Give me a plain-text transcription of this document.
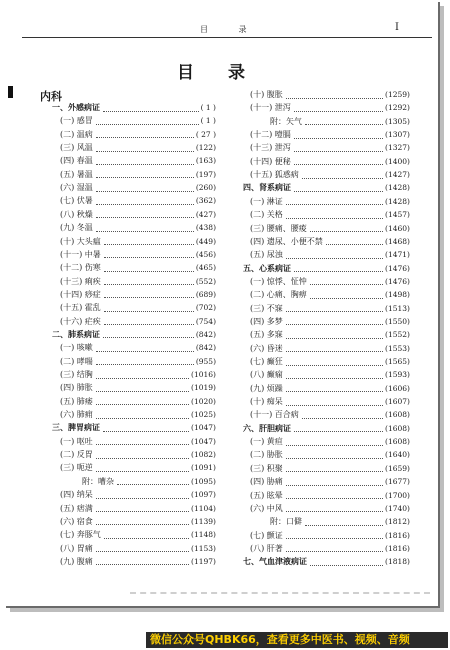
目 录	I
目 录
内科
一、外感病证	( 1 )
(一) 感冒	( 1 )
(二) 温病	( 27 )
(三) 风温	(122)
(四) 春温	(163)
(五) 暑温	(197)
(六) 湿温	(260)
(七) 伏暑	(362)
(八) 秋燥	(427)
(九) 冬温	(438)
(十) 大头瘟	(449)
(十一) 中暑	(456)
(十二) 伤寒	(465)
(十三) 痢疾	(552)
(十四) 痧症	(689)
(十五) 霍乱	(702)
(十六) 疟疾	(754)
二、肺系病证	(842)
(一) 咳嗽	(842)
(二) 哮喘	(955)
(三) 结胸	(1016)
(四) 肺胀	(1019)
(五) 肺痿	(1020)
(六) 肺痈	(1025)
三、脾胃病证	(1047)
(一) 呕吐	(1047)
(二) 反胃	(1082)
(三) 呃逆	(1091)
附：嘈杂	(1095)
(四) 纳呆	(1097)
(五) 痞满	(1104)
(六) 宿食	(1139)
(七) 奔豚气	(1148)
(八) 胃痛	(1153)
(九) 腹痛	(1197)
(十) 腹胀	(1259)
(十一) 泄泻	(1292)
附：矢气	(1305)
(十二) 噎膈	(1307)
(十三) 泄泻	(1327)
(十四) 便秘	(1400)
(十五) 狐惑病	(1427)
四、肾系病证	(1428)
(一) 淋证	(1428)
(二) 关格	(1457)
(三) 腰痛、腰痠	(1460)
(四) 遗尿、小便不禁	(1468)
(五) 尿浊	(1471)
五、心系病证	(1476)
(一) 惊悸、怔忡	(1476)
(二) 心痛、胸痹	(1498)
(三) 不寐	(1513)
(四) 多梦	(1550)
(五) 多寐	(1552)
(六) 昏迷	(1553)
(七) 癫狂	(1565)
(八) 癫痫	(1593)
(九) 烦躁	(1606)
(十) 痴呆	(1607)
(十一) 百合病	(1608)
六、肝胆病证	(1608)
(一) 黄疸	(1608)
(二) 胁胀	(1640)
(三) 积聚	(1659)
(四) 胁痛	(1677)
(五) 眩晕	(1700)
(六) 中风	(1740)
附：口僻	(1812)
(七) 颤证	(1816)
(八) 肝著	(1816)
七、气血津液病证	(1818)
微信公众号QHBK66，查看更多中医书、视频、音频
